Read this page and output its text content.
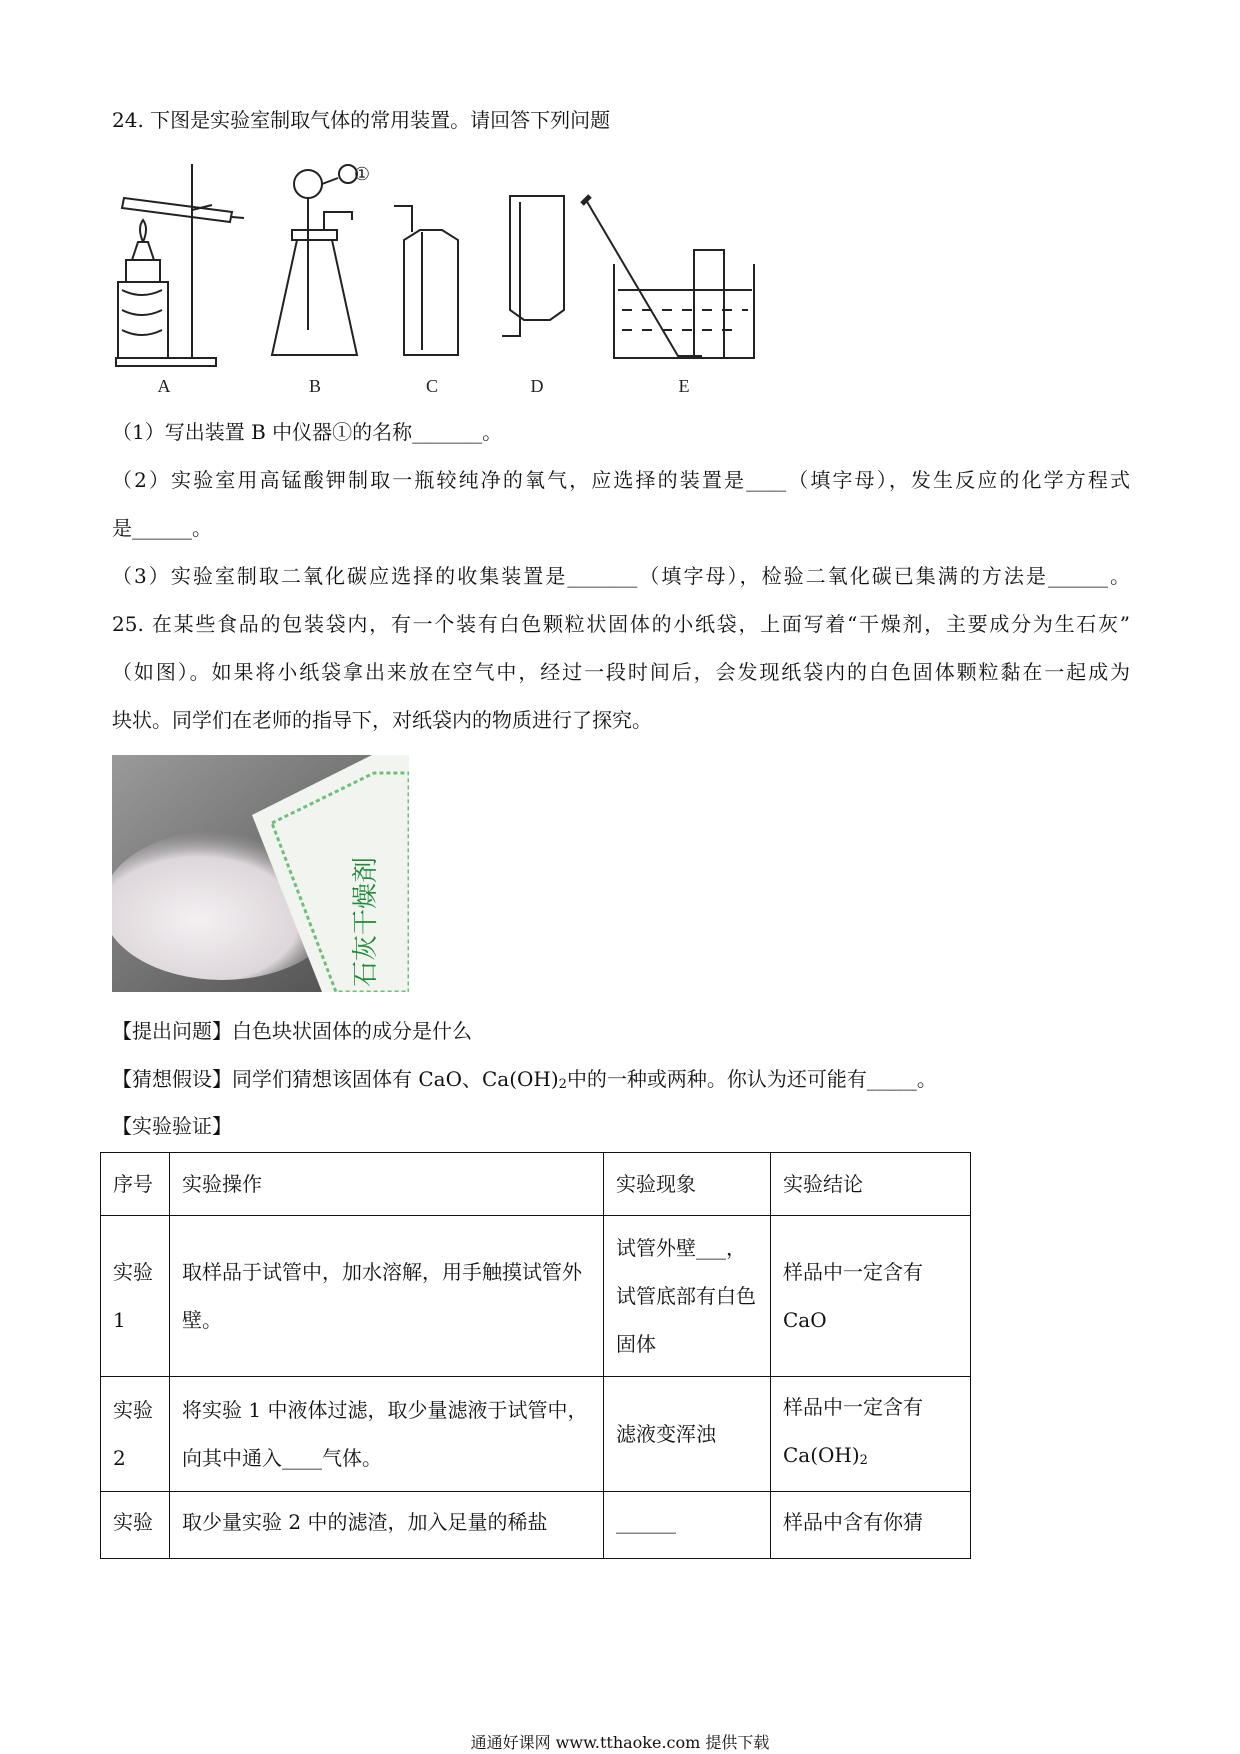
24. 下图是实验室制取气体的常用装置。请回答下列问题
①
A	B	C	D	E
（1）写出装置 B 中仪器①的名称_______。
（2）实验室用高锰酸钾制取一瓶较纯净的氧气，应选择的装置是____（填字母），发生反应的化学方程式
是______。
（3）实验室制取二氧化碳应选择的收集装置是_______（填字母），检验二氧化碳已集满的方法是______。
25. 在某些食品的包装袋内，有一个装有白色颗粒状固体的小纸袋，上面写着“干燥剂，主要成分为生石灰”
（如图）。如果将小纸袋拿出来放在空气中，经过一段时间后，会发现纸袋内的白色固体颗粒黏在一起成为
块状。同学们在老师的指导下，对纸袋内的物质进行了探究。
石灰干燥剤
【提出问题】白色块状固体的成分是什么
【猜想假设】同学们猜想该固体有 CaO、Ca(OH)2中的一种或两种。你认为还可能有_____。
【实验验证】
序号	实验操作	实验现象	实验结论
实验1	取样品于试管中，加水溶解，用手触摸试管外壁。	试管外壁___，试管底部有白色固体	样品中一定含有CaO
实验2	将实验 1 中液体过滤，取少量滤液于试管中，向其中通入____气体。	滤液变浑浊	样品中一定含有Ca(OH)2
实验	取少量实验 2 中的滤渣，加入足量的稀盐	______	样品中含有你猜
通通好课网 www.tthaoke.com 提供下载
